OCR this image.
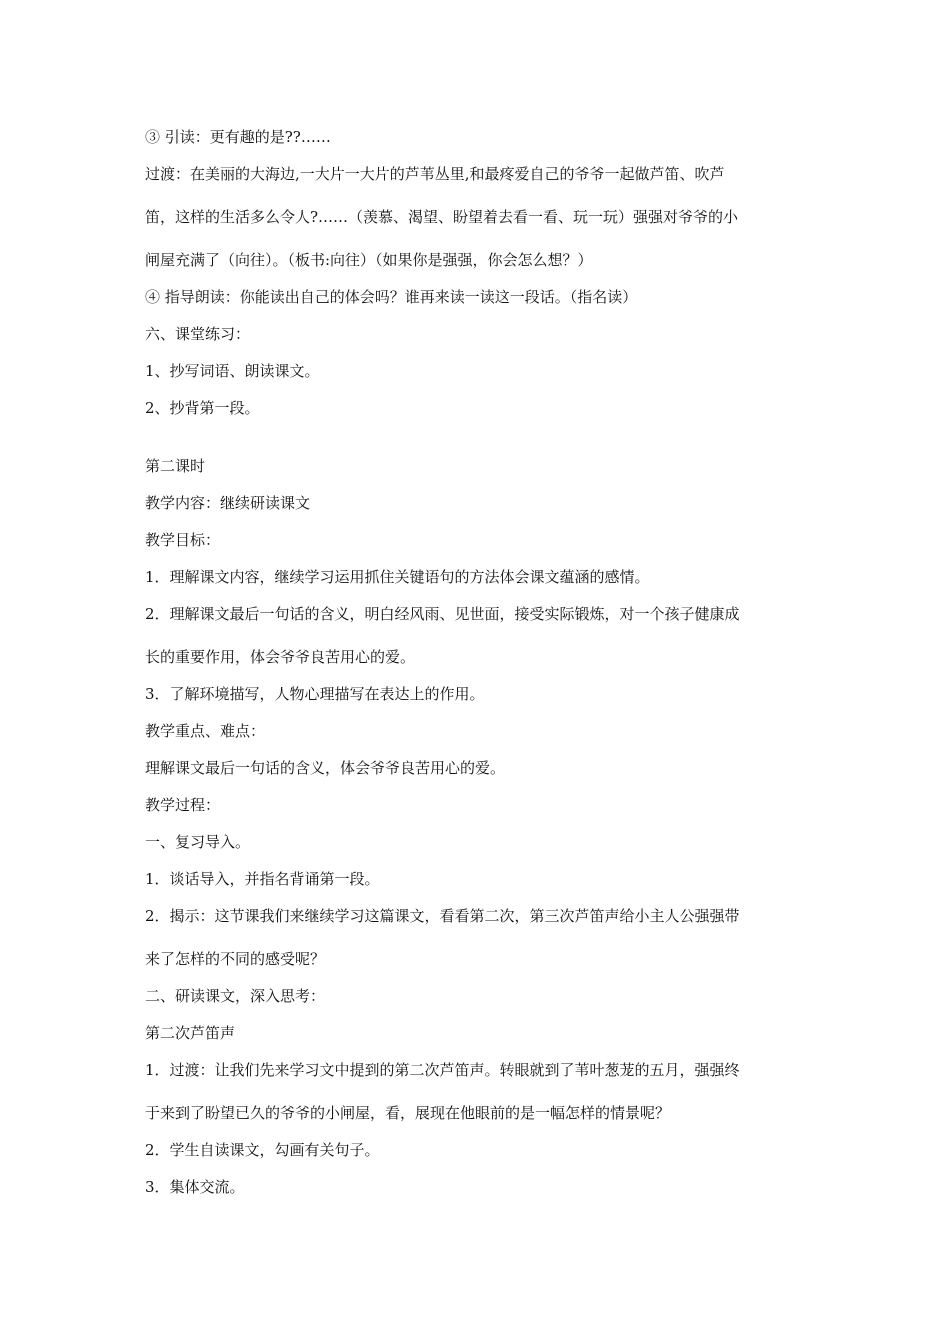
③ 引读：更有趣的是??……
过渡：在美丽的大海边,一大片一大片的芦苇丛里,和最疼爱自己的爷爷一起做芦笛、吹芦
笛，这样的生活多么令人?……（羡慕、渴望、盼望着去看一看、玩一玩）强强对爷爷的小
闸屋充满了（向往）。（板书:向往）（如果你是强强，你会怎么想？）
④ 指导朗读：你能读出自己的体会吗？谁再来读一读这一段话。（指名读）
六、课堂练习：
1、抄写词语、朗读课文。
2、抄背第一段。
第二课时
教学内容：继续研读课文
教学目标：
1．理解课文内容，继续学习运用抓住关键语句的方法体会课文蕴涵的感情。
2．理解课文最后一句话的含义，明白经风雨、见世面，接受实际锻炼，对一个孩子健康成
长的重要作用，体会爷爷良苦用心的爱。
3．了解环境描写，人物心理描写在表达上的作用。
教学重点、难点：
理解课文最后一句话的含义，体会爷爷良苦用心的爱。
教学过程：
一、复习导入。
1．谈话导入，并指名背诵第一段。
2．揭示：这节课我们来继续学习这篇课文，看看第二次，第三次芦笛声给小主人公强强带
来了怎样的不同的感受呢？
二、研读课文，深入思考：
第二次芦笛声
1．过渡：让我们先来学习文中提到的第二次芦笛声。转眼就到了苇叶葱茏的五月，强强终
于来到了盼望已久的爷爷的小闸屋，看，展现在他眼前的是一幅怎样的情景呢？
2．学生自读课文，勾画有关句子。
3．集体交流。
